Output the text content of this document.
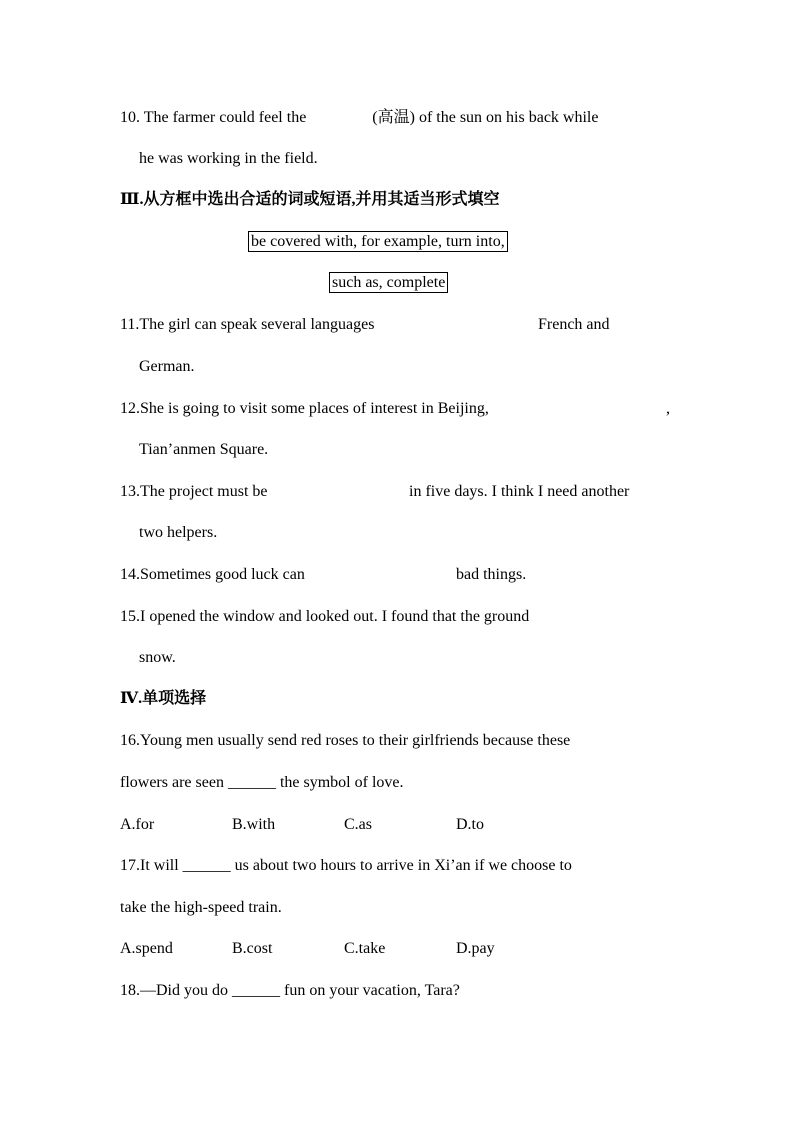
10. The farmer could feel the	(高温) of the sun on his back while
he was working in the field.
Ⅲ.从方框中选出合适的词或短语,并用其适当形式填空
be covered with, for example, turn into,
such as, complete
11.The girl can speak several languages	French and
German.
12.She is going to visit some places of interest in Beijing,	,
Tian’anmen Square.
13.The project must be	in five days. I think I need another
two helpers.
14.Sometimes good luck can	bad things.
15.I opened the window and looked out. I found that the ground
snow.
Ⅳ.单项选择
16.Young men usually send red roses to their girlfriends because these
flowers are seen ______ the symbol of love.
A.for	B.with	C.as	D.to
17.It will ______ us about two hours to arrive in Xi’an if we choose to
take the high-speed train.
A.spend	B.cost	C.take	D.pay
18.—Did you do ______ fun on your vacation, Tara?
